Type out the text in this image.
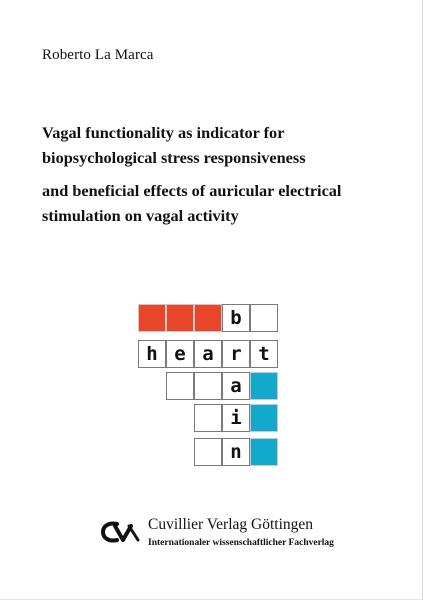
Roberto La Marca
Vagal functionality as indicator for
biopsychological stress responsiveness
and beneficial effects of auricular electrical
stimulation on vagal activity
b
h e a r t
a
i
n
Cuvillier Verlag Göttingen
Internationaler wissenschaftlicher Fachverlag
